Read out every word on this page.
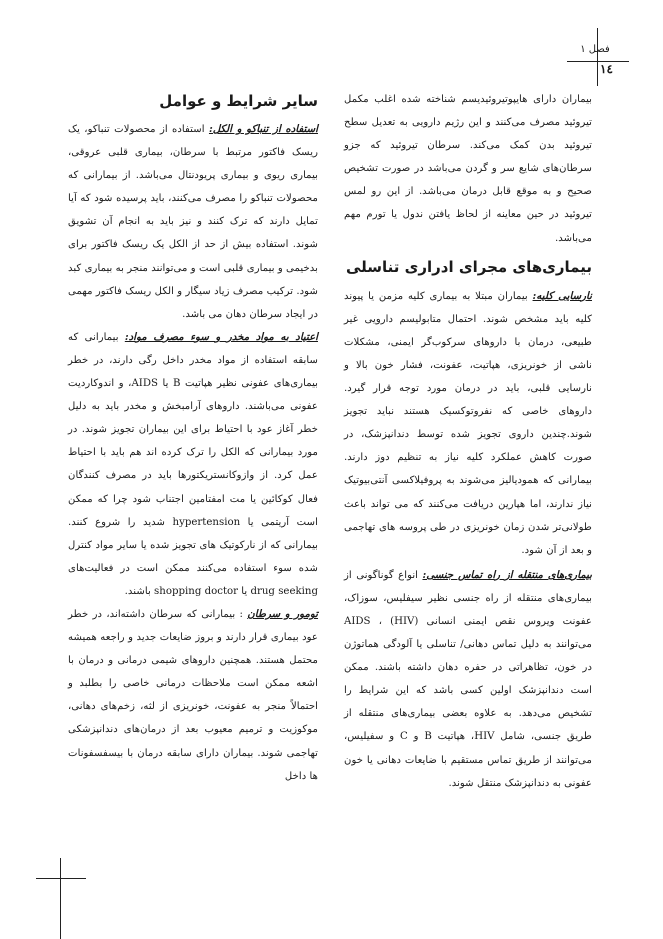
فصل ۱
١٤

بیماران دارای هایپوتیروئیدیسم شناخته شده اغلب مکمل تیروئید مصرف می‌کنند و این رژیم دارویی به تعدیل سطح تیروئید بدن کمک می‌کند. سرطان تیروئید که جزو سرطان‌های شایع سر و گردن می‌باشد در صورت تشخیص صحیح و به موقع قابل درمان می‌باشد. از این رو لمس تیروئید در حین معاینه از لحاظ یافتن ندول یا تورم مهم می‌باشد.

بیماری‌های مجرای ادراری تناسلی

نارسایی کلیه: بیماران مبتلا به بیماری کلیه مزمن یا پیوند کلیه باید مشخص شوند. احتمال متابولیسم دارویی غیر طبیعی، درمان با داروهای سرکوب‌گر ایمنی، مشکلات ناشی از خونریزی، هپاتیت، عفونت، فشار خون بالا و نارسایی قلبی، باید در درمان مورد توجه قرار گیرد. داروهای خاصی که نفروتوکسیک هستند نباید تجویز شوند.چندین داروی تجویز شده توسط دندانپزشک، در صورت کاهش عملکرد کلیه نیاز به تنظیم دوز دارند. بیمارانی که همودیالیز می‌شوند به پروفیلاکسی آنتی‌بیوتیک نیاز ندارند، اما هپارین دریافت می‌کنند که می تواند باعث طولانی‌تر شدن زمان خونریزی در طی پروسه های تهاجمی و بعد از آن شود.

بیماری‌های منتقله از راه تماس جنسی: انواع گوناگونی از بیماری‌های منتقله از راه جنسی نظیر سیفلیس، سوزاک، عفونت ویروس نقص ایمنی انسانی (HIV) ، AIDS می‌توانند به دلیل تماس دهانی/ تناسلی یا آلودگی هماتوژن در خون، تظاهراتی در حفره دهان داشته باشند. ممکن است دندانپزشک اولین کسی باشد که این شرایط را تشخیص می‌دهد. به علاوه بعضی بیماری‌های منتقله از طریق جنسی، شامل HIV، هپاتیت B و C و سفیلیس، می‌توانند از طریق تماس مستقیم با ضایعات دهانی یا خون عفونی به دندانپزشک منتقل شوند.

سایر شرایط و عوامل

استفاده از تنباکو و الکل: استفاده از محصولات تنباکو، یک ریسک فاکتور مرتبط با سرطان، بیماری قلبی عروقی، بیماری ریوی و بیماری پریودنتال می‌باشد. از بیمارانی که محصولات تنباکو را مصرف می‌کنند، باید پرسیده شود که آیا تمایل دارند که ترک کنند و نیز باید به انجام آن تشویق شوند. استفاده بیش از حد از الکل یک ریسک فاکتور برای بدخیمی و بیماری قلبی است و می‌توانند منجر به بیماری کبد شود. ترکیب مصرف زیاد سیگار و الکل ریسک فاکتور مهمی در ایجاد سرطان دهان می باشد.

اعتیاد به مواد مخدر و سوء مصرف مواد: بیمارانی که سابقه استفاده از مواد مخدر داخل رگی دارند، در خطر بیماری‌های عفونی نظیر هپاتیت B یا AIDS، و اندوکاردیت عفونی می‌باشند. داروهای آرامبخش و مخدر باید به دلیل خطر آغاز عود با احتیاط برای این بیماران تجویز شوند. در مورد بیمارانی که الکل را ترک کرده اند هم باید با احتیاط عمل کرد. از وازوکانستریکتورها باید در مصرف کنندگان فعال کوکائین یا مت امفتامین اجتناب شود چرا که ممکن است آریتمی یا hypertension شدید را شروع کنند. بیمارانی که از نارکوتیک های تجویز شده یا سایر مواد کنترل شده سوء استفاده می‌کنند ممکن است در فعالیت‌های drug seeking یا shopping doctor باشند.

تومور و سرطان : بیمارانی که سرطان داشته‌اند، در خطر عود بیماری قرار دارند و بروز ضایعات جدید و راجعه همیشه محتمل هستند. همچنین داروهای شیمی درمانی و درمان با اشعه ممکن است ملاحظات درمانی خاصی را بطلبد و احتمالاً منجر به عفونت، خونریزی از لثه، زخم‌های دهانی، موکوزیت و ترمیم معیوب بعد از درمان‌های دندانپزشکی تهاجمی شوند. بیماران دارای سابقه درمان با بیسفسفونات ها داخل
